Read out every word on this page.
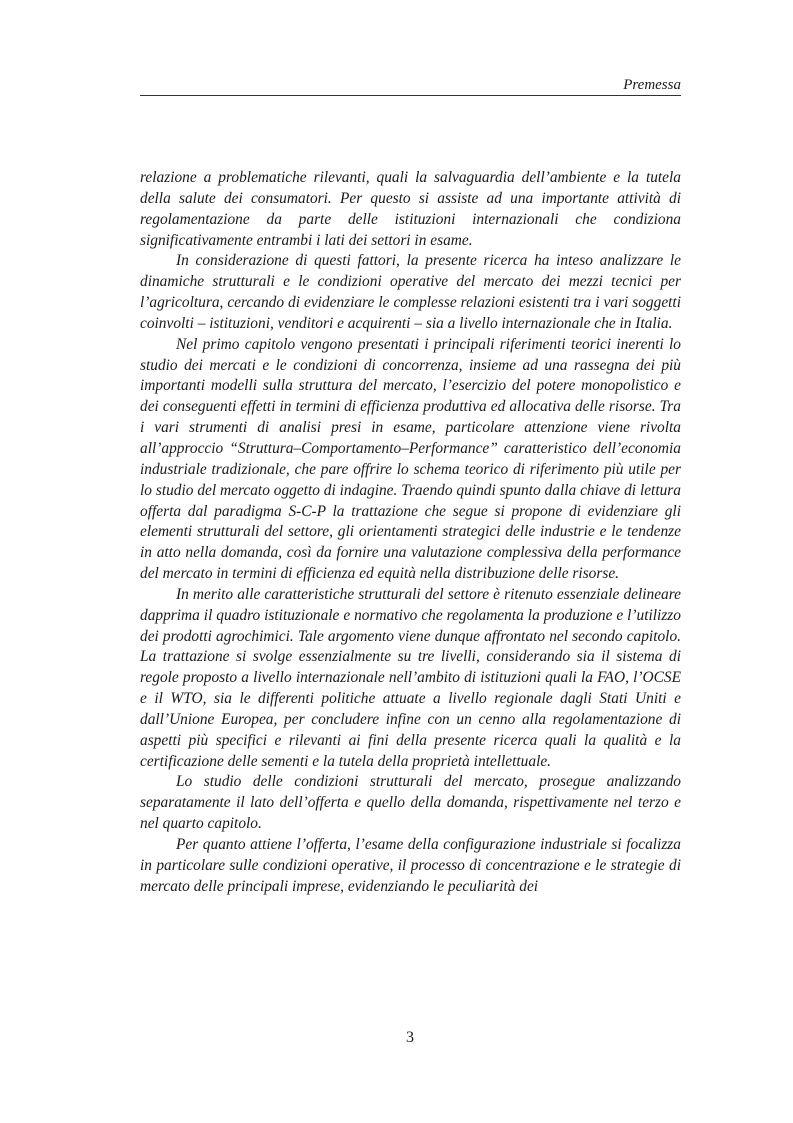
Premessa

relazione a problematiche rilevanti, quali la salvaguardia dell’ambiente e la tutela della salute dei consumatori. Per questo si assiste ad una importante attività di regolamentazione da parte delle istituzioni internazionali che condiziona significativamente entrambi i lati dei settori in esame.

In considerazione di questi fattori, la presente ricerca ha inteso analizzare le dinamiche strutturali e le condizioni operative del mercato dei mezzi tecnici per l’agricoltura, cercando di evidenziare le complesse relazioni esistenti tra i vari soggetti coinvolti – istituzioni, venditori e acquirenti – sia a livello internazionale che in Italia.

Nel primo capitolo vengono presentati i principali riferimenti teorici inerenti lo studio dei mercati e le condizioni di concorrenza, insieme ad una rassegna dei più importanti modelli sulla struttura del mercato, l’esercizio del potere monopolistico e dei conseguenti effetti in termini di efficienza produttiva ed allocativa delle risorse. Tra i vari strumenti di analisi presi in esame, particolare attenzione viene rivolta all’approccio “Struttura–Comportamento–Performance” caratteristico dell’economia industriale tradizionale, che pare offrire lo schema teorico di riferimento più utile per lo studio del mercato oggetto di indagine. Traendo quindi spunto dalla chiave di lettura offerta dal paradigma S-C-P la trattazione che segue si propone di evidenziare gli elementi strutturali del settore, gli orientamenti strategici delle industrie e le tendenze in atto nella domanda, così da fornire una valutazione complessiva della performance del mercato in termini di efficienza ed equità nella distribuzione delle risorse.

In merito alle caratteristiche strutturali del settore è ritenuto essenziale delineare dapprima il quadro istituzionale e normativo che regolamenta la produzione e l’utilizzo dei prodotti agrochimici. Tale argomento viene dunque affrontato nel secondo capitolo. La trattazione si svolge essenzialmente su tre livelli, considerando sia il sistema di regole proposto a livello internazionale nell’ambito di istituzioni quali la FAO, l’OCSE e il WTO, sia le differenti politiche attuate a livello regionale dagli Stati Uniti e dall’Unione Europea, per concludere infine con un cenno alla regolamentazione di aspetti più specifici e rilevanti ai fini della presente ricerca quali la qualità e la certificazione delle sementi e la tutela della proprietà intellettuale.

Lo studio delle condizioni strutturali del mercato, prosegue analizzando separatamente il lato dell’offerta e quello della domanda, rispettivamente nel terzo e nel quarto capitolo.

Per quanto attiene l’offerta, l’esame della configurazione industriale si focalizza in particolare sulle condizioni operative, il processo di concentrazione e le strategie di mercato delle principali imprese, evidenziando le peculiarità dei

3
